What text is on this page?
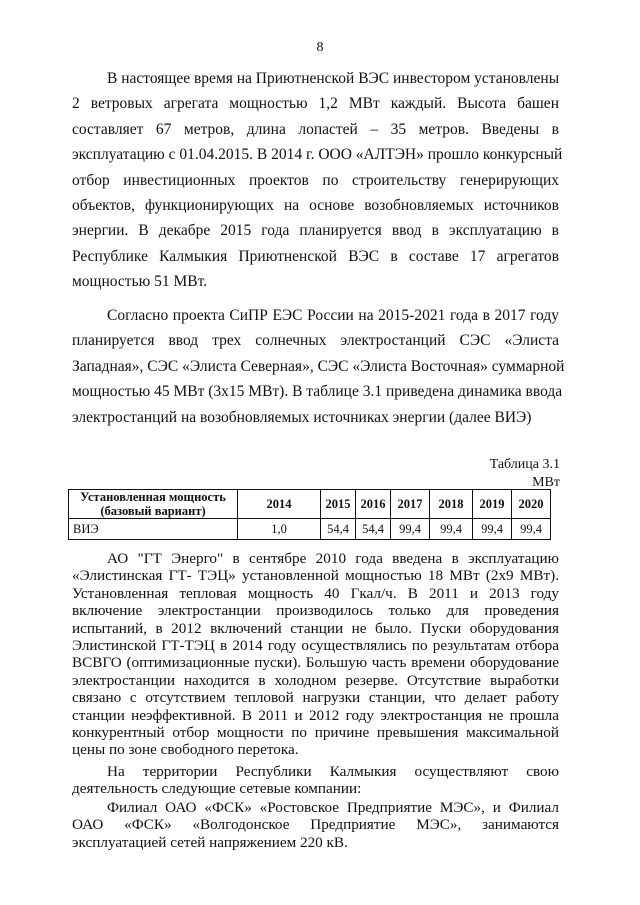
8
В настоящее время на Приютненской ВЭС инвестором установлены
2 ветровых агрегата мощностью 1,2 МВт каждый. Высота башен
составляет 67 метров, длина лопастей – 35 метров. Введены в
эксплуатацию с 01.04.2015. В 2014 г. ООО «АЛТЭН» прошло конкурсный
отбор инвестиционных проектов по строительству генерирующих
объектов, функционирующих на основе возобновляемых источников
энергии. В декабре 2015 года планируется ввод в эксплуатацию в
Республике Калмыкия Приютненской ВЭС в составе 17 агрегатов
мощностью 51 МВт.
Согласно проекта СиПР ЕЭС России на 2015-2021 года в 2017 году
планируется ввод трех солнечных электростанций СЭС «Элиста
Западная», СЭС «Элиста Северная», СЭС «Элиста Восточная» суммарной
мощностью 45 МВт (3х15 МВт). В таблице 3.1 приведена динамика ввода
электростанций на возобновляемых источниках энергии (далее ВИЭ)
Таблица 3.1
МВт
Установленная мощность (базовый вариант)	2014	2015	2016	2017	2018	2019	2020
ВИЭ	1,0	54,4	54,4	99,4	99,4	99,4	99,4
АО "ГТ Энерго" в сентябре 2010 года введена в эксплуатацию
«Элистинская ГТ- ТЭЦ» установленной мощностью 18 МВт (2х9 МВт).
Установленная тепловая мощность 40 Гкал/ч. В 2011 и 2013 году
включение электростанции производилось только для проведения
испытаний, в 2012 включений станции не было. Пуски оборудования
Элистинской ГТ-ТЭЦ в 2014 году осуществлялись по результатам отбора
ВСВГО (оптимизационные пуски). Большую часть времени оборудование
электростанции находится в холодном резерве. Отсутствие выработки
связано с отсутствием тепловой нагрузки станции, что делает работу
станции неэффективной. В 2011 и 2012 году электростанция не прошла
конкурентный отбор мощности по причине превышения максимальной
цены по зоне свободного перетока.
На территории Республики Калмыкия осуществляют свою
деятельность следующие сетевые компании:
Филиал ОАО «ФСК» «Ростовское Предприятие МЭС», и Филиал
ОАО «ФСК» «Волгодонское Предприятие МЭС», занимаются
эксплуатацией сетей напряжением 220 кВ.
